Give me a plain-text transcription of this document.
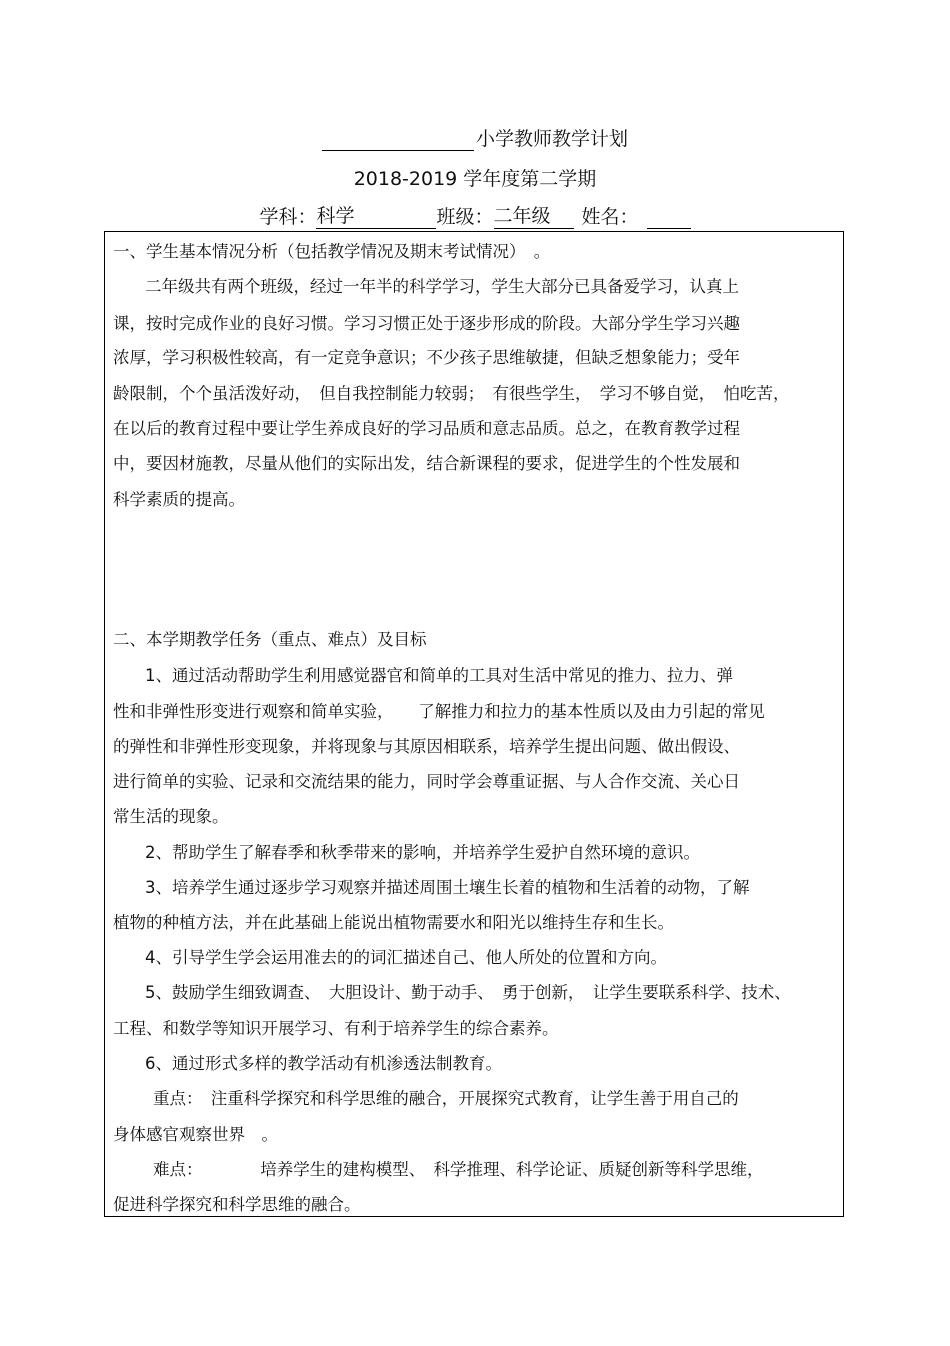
小学教师教学计划
2018-2019 学年度第二学期
学科：科学	班级：二年级 姓名：
一、学生基本情况分析（包括教学情况及期末考试情况）　。
二年级共有两个班级，经过一年半的科学学习，学生大部分已具备爱学习，认真上
课，按时完成作业的良好习惯。学习习惯正处于逐步形成的阶段。大部分学生学习兴趣
浓厚，学习积极性较高，有一定竞争意识；不少孩子思维敏捷，但缺乏想象能力；受年
龄限制，个个虽活泼好动，　但自我控制能力较弱；　有很些学生，　学习不够自觉，　怕吃苦，
在以后的教育过程中要让学生养成良好的学习品质和意志品质。总之，在教育教学过程
中，要因材施教，尽量从他们的实际出发，结合新课程的要求，促进学生的个性发展和
科学素质的提高。
二、本学期教学任务（重点、难点）及目标
1、通过活动帮助学生利用感觉器官和简单的工具对生活中常见的推力、拉力、弹
性和非弹性形变进行观察和简单实验，　　了解推力和拉力的基本性质以及由力引起的常见
的弹性和非弹性形变现象，并将现象与其原因相联系，培养学生提出问题、做出假设、
进行简单的实验、记录和交流结果的能力，同时学会尊重证据、与人合作交流、关心日
常生活的现象。
2、帮助学生了解春季和秋季带来的影响，并培养学生爱护自然环境的意识。
3、培养学生通过逐步学习观察并描述周围土壤生长着的植物和生活着的动物，了解
植物的种植方法，并在此基础上能说出植物需要水和阳光以维持生存和生长。
4、引导学生学会运用准去的的词汇描述自己、他人所处的位置和方向。
5、鼓励学生细致调查、　大胆设计、勤于动手、　勇于创新，　让学生要联系科学、技术、
工程、和数学等知识开展学习、有利于培养学生的综合素养。
6、通过形式多样的教学活动有机渗透法制教育。
重点：　注重科学探究和科学思维的融合，开展探究式教育，让学生善于用自己的
身体感官观察世界　。
难点：　　　　培养学生的建构模型、　科学推理、科学论证、质疑创新等科学思维，
促进科学探究和科学思维的融合。
